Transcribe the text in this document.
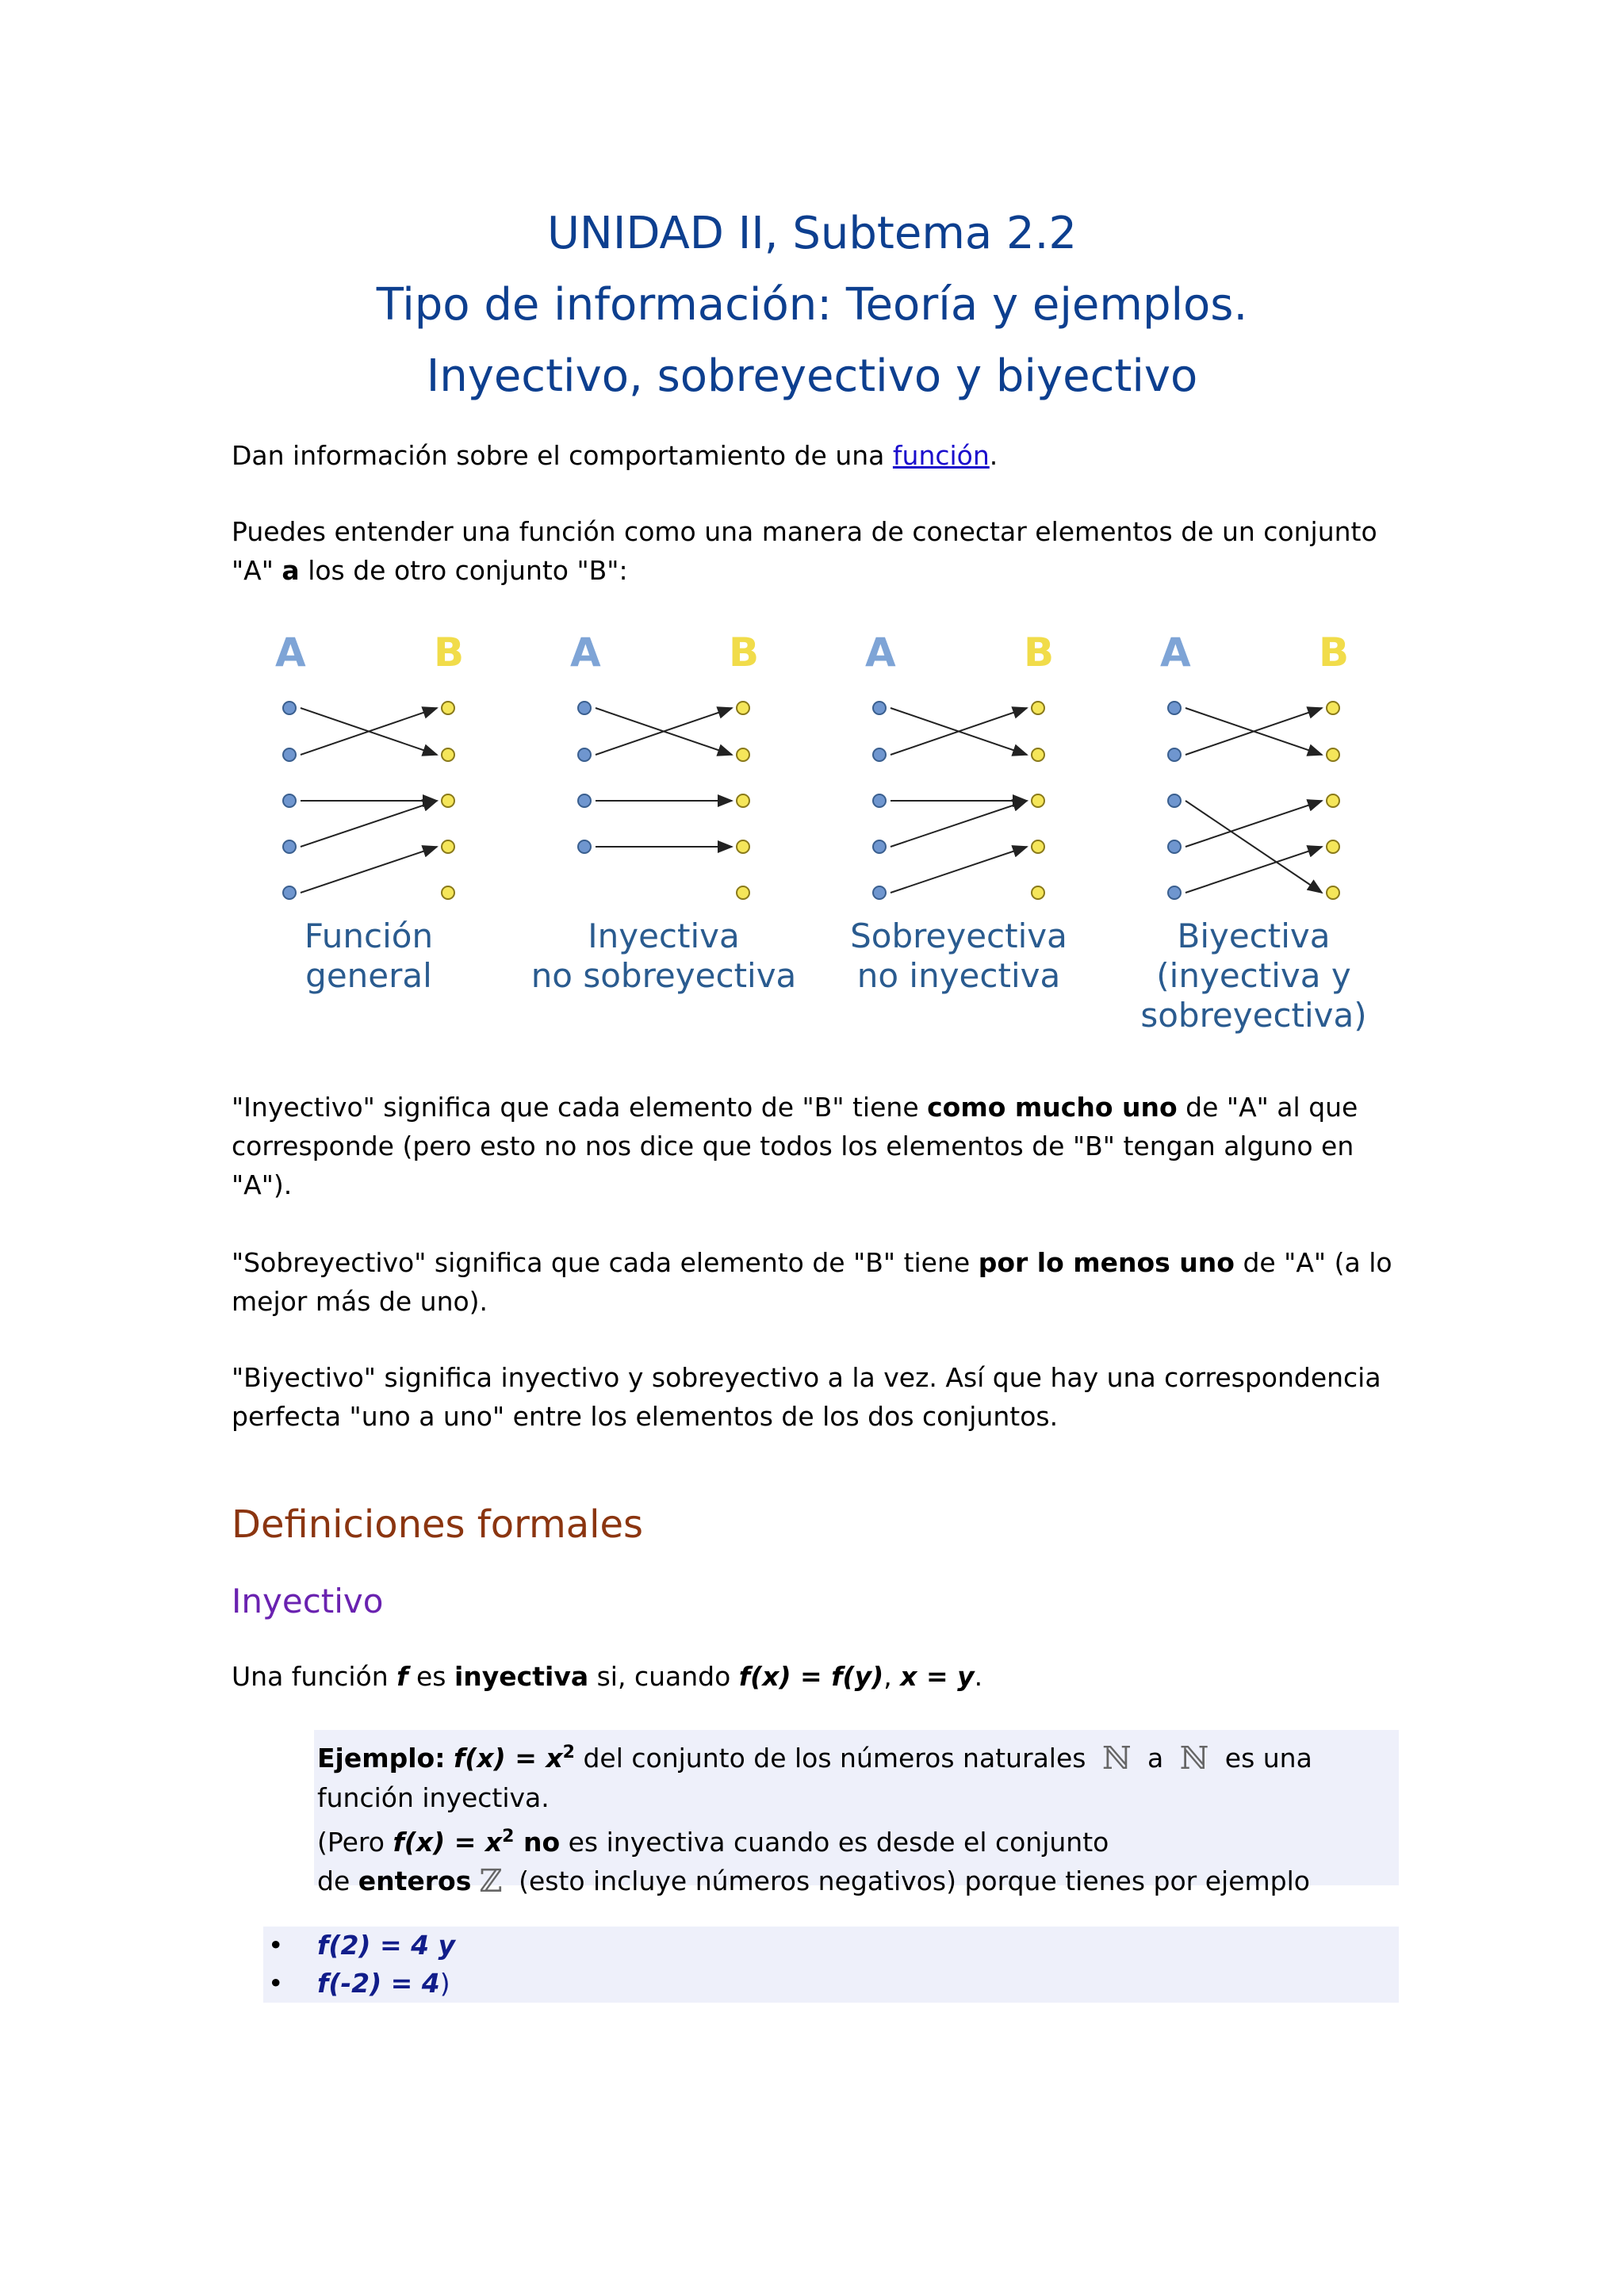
UNIDAD II, Subtema 2.2
Tipo de información: Teoría y ejemplos.
Inyectivo, sobreyectivo y biyectivo
Dan información sobre el comportamiento de una función.
Puedes entender una función como una manera de conectar elementos de un conjunto "A" a los de otro conjunto "B":
A	B
Función
general
A	B
Inyectiva
no sobreyectiva
A	B
Sobreyectiva
no inyectiva
A	B
Biyectiva
(inyectiva y
sobreyectiva)
"Inyectivo" significa que cada elemento de "B" tiene como mucho uno de "A" al que corresponde (pero esto no nos dice que todos los elementos de "B" tengan alguno en "A").
"Sobreyectivo" significa que cada elemento de "B" tiene por lo menos uno de "A" (a lo mejor más de uno).
"Biyectivo" significa inyectivo y sobreyectivo a la vez. Así que hay una correspondencia perfecta "uno a uno" entre los elementos de los dos conjuntos.
Definiciones formales
Inyectivo
Una función f es inyectiva si, cuando f(x) = f(y), x = y.
Ejemplo: $f(x) = x^2$ del conjunto de los números naturales ℕ a ℕ es una función inyectiva.
(Pero $f(x) = x^2$ no es inyectiva cuando es desde el conjunto
de enteros ℤ (esto incluye números negativos) porque tienes por ejemplo
• f(2) = 4 y
• f(-2) = 4)
